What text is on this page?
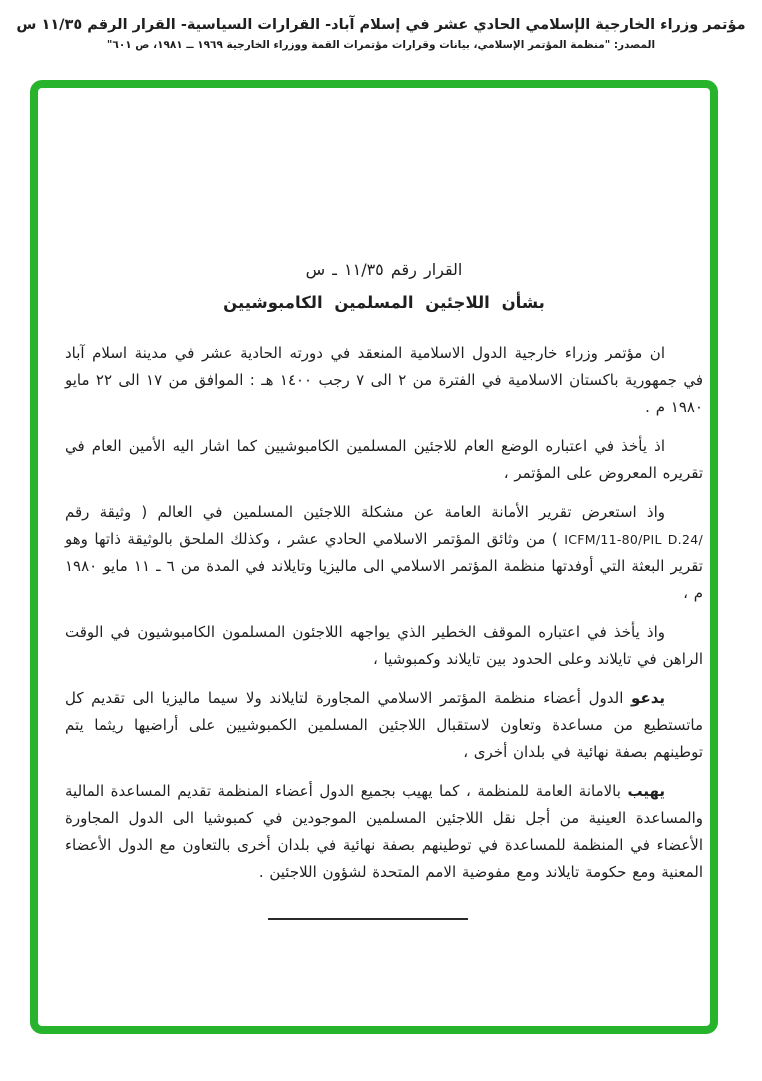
مؤتمر وزراء الخارجية الإسلامي الحادي عشر في إسلام آباد- القرارات السياسية- القرار الرقم ١١/٣٥ س
المصدر: "منظمة المؤتمر الإسلامي، بيانات وقرارات مؤتمرات القمة ووزراء الخارجية ١٩٦٩ ــ ١٩٨١، ص ٦٠١"
القرار رقم ١١/٣٥ ـ س
بشأن اللاجئين المسلمين الكامبوشيين

ان مؤتمر وزراء خارجية الدول الاسلامية المنعقد في دورته الحادية عشر في مدينة اسلام آباد في جمهورية باكستان الاسلامية في الفترة من ٢ الى ٧ رجب ١٤٠٠ هـ : الموافق من ١٧ الى ٢٢ مايو ١٩٨٠ م .

اذ يأخذ في اعتباره الوضع العام للاجئين المسلمين الكامبوشيين كما اشار اليه الأمين العام في تقريره المعروض على المؤتمر ،

واذ استعرض تقرير الأمانة العامة عن مشكلة اللاجئين المسلمين في العالم ( وثيقة رقم ICFM/11-80/PIL D.24/ ) من وثائق المؤتمر الاسلامي الحادي عشر ، وكذلك الملحق بالوثيقة ذاتها وهو تقرير البعثة التي أوفدتها منظمة المؤتمر الاسلامي الى ماليزيا وتايلاند في المدة من ٦ ـ ١١ مايو ١٩٨٠ م ،

واذ يأخذ في اعتباره الموقف الخطير الذي يواجهه اللاجئون المسلمون الكامبوشيون في الوقت الراهن في تايلاند وعلى الحدود بين تايلاند وكمبوشيا ،

يدعو الدول أعضاء منظمة المؤتمر الاسلامي المجاورة لتايلاند ولا سيما ماليزيا الى تقديم كل ماتستطيع من مساعدة وتعاون لاستقبال اللاجئين المسلمين الكمبوشيين على أراضيها ريثما يتم توطينهم بصفة نهائية في بلدان أخرى ،

يهيب بالامانة العامة للمنظمة ، كما يهيب بجميع الدول أعضاء المنظمة تقديم المساعدة المالية والمساعدة العينية من أجل نقل اللاجئين المسلمين الموجودين في كمبوشيا الى الدول المجاورة الأعضاء في المنظمة للمساعدة في توطينهم بصفة نهائية في بلدان أخرى بالتعاون مع الدول الأعضاء المعنية ومع حكومة تايلاند ومع مفوضية الامم المتحدة لشؤون اللاجئين .
